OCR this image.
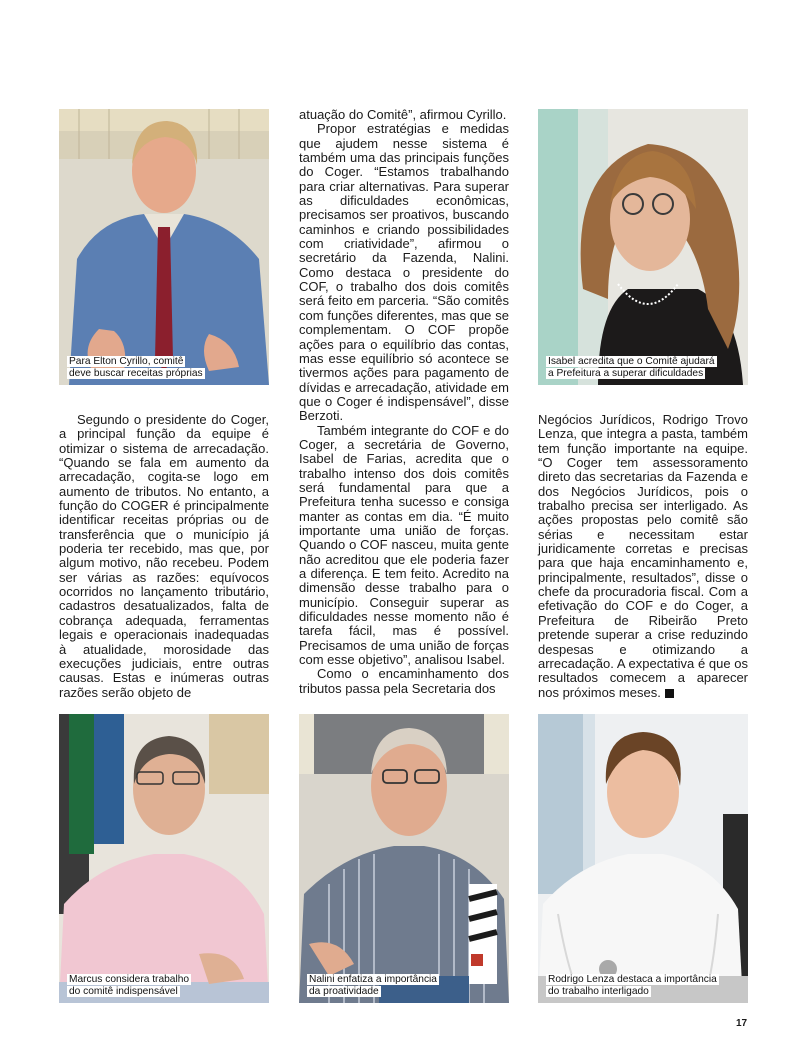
Para Elton Cyrillo, comitê
deve buscar receitas próprias
Isabel acredita que o Comitê ajudará
a Prefeitura a superar dificuldades

Segundo o presidente do Coger, a principal função da equipe é otimizar o sistema de arrecadação. “Quando se fala em aumento da arrecadação, cogita-se logo em aumento de tributos. No entanto, a função do COGER é principalmente identificar receitas próprias ou de transferência que o município já poderia ter recebido, mas que, por algum motivo, não recebeu. Podem ser várias as razões: equívocos ocorridos no lançamento tributário, cadastros desatualizados, falta de cobrança adequada, ferramentas legais e operacionais inadequadas à atualidade, morosidade das execuções judiciais, entre outras causas. Estas e inúmeras outras razões serão objeto de

atuação do Comitê”, afirmou Cyrillo.

Propor estratégias e medidas que ajudem nesse sistema é também uma das principais funções do Coger. “Estamos trabalhando para criar alternativas. Para superar as dificuldades econômicas, precisamos ser proativos, buscando caminhos e criando possibilidades com criatividade”, afirmou o secretário da Fazenda, Nalini. Como destaca o presidente do COF, o trabalho dos dois comitês será feito em parceria. “São comitês com funções diferentes, mas que se complementam. O COF propõe ações para o equilíbrio das contas, mas esse equilíbrio só acontece se tivermos ações para pagamento de dívidas e arrecadação, atividade em que o Coger é indispensável”, disse Berzoti.

Também integrante do COF e do Coger, a secretária de Governo, Isabel de Farias, acredita que o trabalho intenso dos dois comitês será fundamental para que a Prefeitura tenha sucesso e consiga manter as contas em dia. “É muito importante uma união de forças. Quando o COF nasceu, muita gente não acreditou que ele poderia fazer a diferença. E tem feito. Acredito na dimensão desse trabalho para o município. Conseguir superar as dificuldades nesse momento não é tarefa fácil, mas é possível. Precisamos de uma união de forças com esse objetivo”, analisou Isabel.

Como o encaminhamento dos tributos passa pela Secretaria dos

Negócios Jurídicos, Rodrigo Trovo Lenza, que integra a pasta, também tem função importante na equipe. “O Coger tem assessoramento direto das secretarias da Fazenda e dos Negócios Jurídicos, pois o trabalho precisa ser interligado. As ações propostas pelo comitê são sérias e necessitam estar juridicamente corretas e precisas para que haja encaminhamento e, principalmente, resultados”, disse o chefe da procuradoria fiscal. Com a efetivação do COF e do Coger, a Prefeitura de Ribeirão Preto pretende superar a crise reduzindo despesas e otimizando a arrecadação. A expectativa é que os resultados comecem a aparecer nos próximos meses.

Marcus considera trabalho
do comitê indispensável
Nalini enfatiza a importância
da proatividade
Rodrigo Lenza destaca a importância
do trabalho interligado
17
